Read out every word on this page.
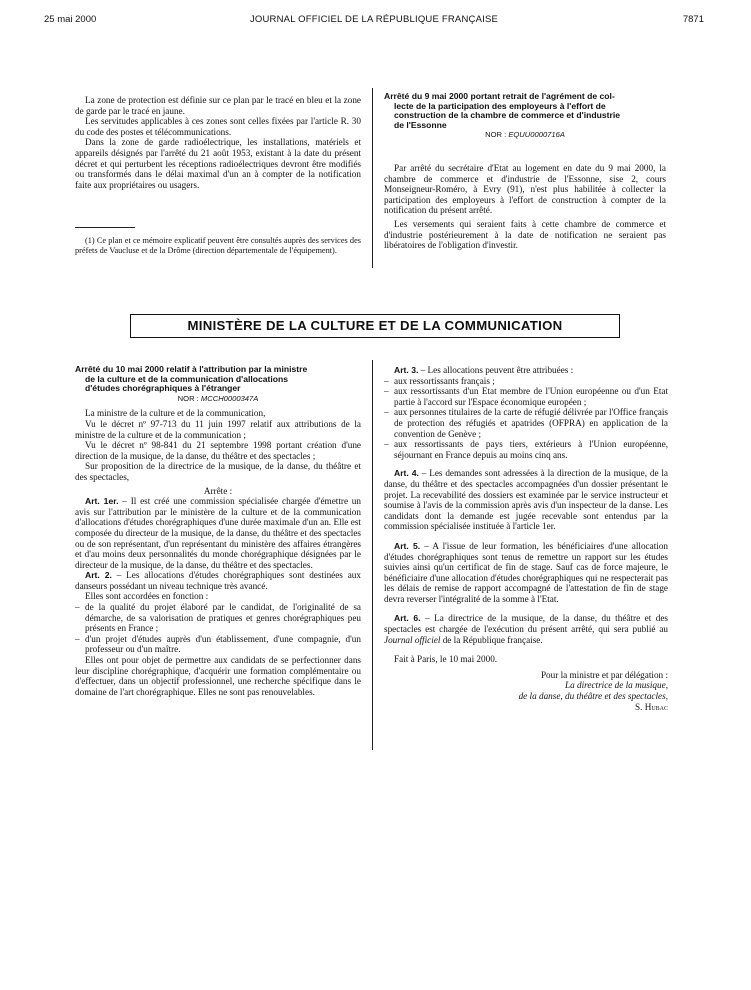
25 mai 2000	JOURNAL OFFICIEL DE LA RÉPUBLIQUE FRANÇAISE	7871

La zone de protection est définie sur ce plan par le tracé en bleu et la zone de garde par le tracé en jaune.

Les servitudes applicables à ces zones sont celles fixées par l'article R. 30 du code des postes et télécommunications.

Dans la zone de garde radioélectrique, les installations, matériels et appareils désignés par l'arrêté du 21 août 1953, existant à la date du présent décret et qui perturbent les réceptions radioélectriques devront être modifiés ou transformés dans le délai maximal d'un an à compter de la notification faite aux propriétaires ou usagers.

(1) Ce plan et ce mémoire explicatif peuvent être consultés auprès des services des préfets de Vaucluse et de la Drôme (direction départementale de l'équipement).

Arrêté du 9 mai 2000 portant retrait de l'agrément de col-
lecte de la participation des employeurs à l'effort de
construction de la chambre de commerce et d'industrie
de l'Essonne

NOR : EQUU0000716A

Par arrêté du secrétaire d'Etat au logement en date du 9 mai 2000, la chambre de commerce et d'industrie de l'Essonne, sise 2, cours Monseigneur-Roméro, à Evry (91), n'est plus habilitée à collecter la participation des employeurs à l'effort de construction à compter de la notification du présent arrêté.

Les versements qui seraient faits à cette chambre de commerce et d'industrie postérieurement à la date de notification ne seraient pas libératoires de l'obligation d'investir.

MINISTÈRE DE LA CULTURE ET DE LA COMMUNICATION
Arrêté du 10 mai 2000 relatif à l'attribution par la ministre
de la culture et de la communication d'allocations
d'études chorégraphiques à l'étranger

NOR : MCCH0000347A

La ministre de la culture et de la communication,

Vu le décret nº 97-713 du 11 juin 1997 relatif aux attributions de la ministre de la culture et de la communication ;

Vu le décret nº 98-841 du 21 septembre 1998 portant création d'une direction de la musique, de la danse, du théâtre et des spectacles ;

Sur proposition de la directrice de la musique, de la danse, du théâtre et des spectacles,

Arrête :

Art. 1er. – Il est créé une commission spécialisée chargée d'émettre un avis sur l'attribution par le ministère de la culture et de la communication d'allocations d'études chorégraphiques d'une durée maximale d'un an. Elle est composée du directeur de la musique, de la danse, du théâtre et des spectacles ou de son représentant, d'un représentant du ministère des affaires étrangères et d'au moins deux personnalités du monde chorégraphique désignées par le directeur de la musique, de la danse, du théâtre et des spectacles.

Art. 2. – Les allocations d'études chorégraphiques sont destinées aux danseurs possédant un niveau technique très avancé.

Elles sont accordées en fonction :

– de la qualité du projet élaboré par le candidat, de l'originalité de sa démarche, de sa valorisation de pratiques et genres chorégraphiques peu présents en France ;
– d'un projet d'études auprès d'un établissement, d'une compagnie, d'un professeur ou d'un maître.

Elles ont pour objet de permettre aux candidats de se perfectionner dans leur discipline chorégraphique, d'acquérir une formation complémentaire ou d'effectuer, dans un objectif professionnel, une recherche spécifique dans le domaine de l'art chorégraphique. Elles ne sont pas renouvelables.

Art. 3. – Les allocations peuvent être attribuées :

– aux ressortissants français ;
– aux ressortissants d'un Etat membre de l'Union européenne ou d'un Etat partie à l'accord sur l'Espace économique européen ;
– aux personnes titulaires de la carte de réfugié délivrée par l'Office français de protection des réfugiés et apatrides (OFPRA) en application de la convention de Genève ;
– aux ressortissants de pays tiers, extérieurs à l'Union européenne, séjournant en France depuis au moins cinq ans.

Art. 4. – Les demandes sont adressées à la direction de la musique, de la danse, du théâtre et des spectacles accompagnées d'un dossier présentant le projet. La recevabilité des dossiers est examinée par le service instructeur et soumise à l'avis de la commission après avis d'un inspecteur de la danse. Les candidats dont la demande est jugée recevable sont entendus par la commission spécialisée instituée à l'article 1er.

Art. 5. – A l'issue de leur formation, les bénéficiaires d'une allocation d'études chorégraphiques sont tenus de remettre un rapport sur les études suivies ainsi qu'un certificat de fin de stage. Sauf cas de force majeure, le bénéficiaire d'une allocation d'études chorégraphiques qui ne respecterait pas les délais de remise de rapport accompagné de l'attestation de fin de stage devra reverser l'intégralité de la somme à l'Etat.

Art. 6. – La directrice de la musique, de la danse, du théâtre et des spectacles est chargée de l'exécution du présent arrêté, qui sera publié au Journal officiel de la République française.

Fait à Paris, le 10 mai 2000.

Pour la ministre et par délégation :
La directrice de la musique,
de la danse, du théâtre et des spectacles,
S. Hubac
